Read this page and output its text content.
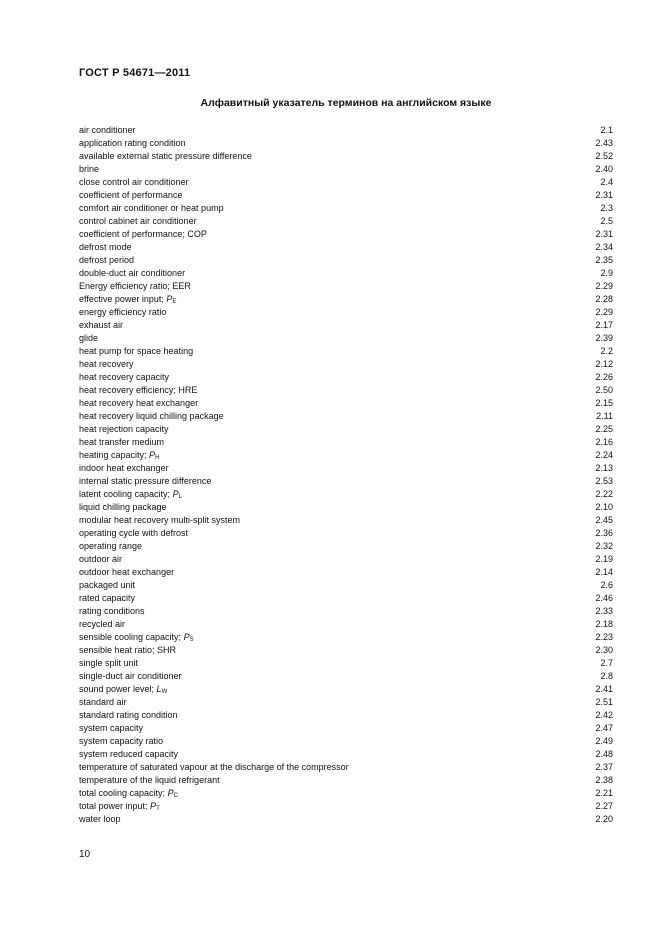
ГОСТ Р 54671—2011
Алфавитный указатель терминов на английском языке
air conditioner	2.1
application rating condition	2.43
available external static pressure difference	2.52
brine	2.40
close control air conditioner	2.4
coefficient of performance	2.31
comfort air conditioner or heat pump	2.3
control cabinet air conditioner	2.5
coefficient of performance; COP	2.31
defrost mode	2.34
defrost period	2.35
double-duct air conditioner	2.9
Energy efficiency ratio; EER	2.29
effective power input; $P_E$	2.28
energy efficiency ratio	2.29
exhaust air	2.17
glide	2.39
heat pump for space heating	2.2
heat recovery	2.12
heat recovery capacity	2.26
heat recovery efficiency; HRE	2.50
heat recovery heat exchanger	2.15
heat recovery liquid chilling package	2.11
heat rejection capacity	2.25
heat transfer medium	2.16
heating capacity; $P_H$	2.24
indoor heat exchanger	2.13
internal static pressure difference	2.53
latent cooling capacity; $P_L$	2.22
liquid chilling package	2.10
modular heat recovery multi-split system	2.45
operating cycle with defrost	2.36
operating range	2.32
outdoor air	2.19
outdoor heat exchanger	2.14
packaged unit	2.6
rated capacity	2.46
rating conditions	2.33
recycled air	2.18
sensible cooling capacity; $P_S$	2.23
sensible heat ratio; SHR	2.30
single split unit	2.7
single-duct air conditioner	2.8
sound power level; $L_W$	2.41
standard air	2.51
standard rating condition	2.42
system capacity	2.47
system capacity ratio	2.49
system reduced capacity	2.48
temperature of saturated vapour at the discharge of the compressor	2.37
temperature of the liquid refrigerant	2.38
total cooling capacity; $P_C$	2.21
total power input; $P_T$	2.27
water loop	2.20
10
